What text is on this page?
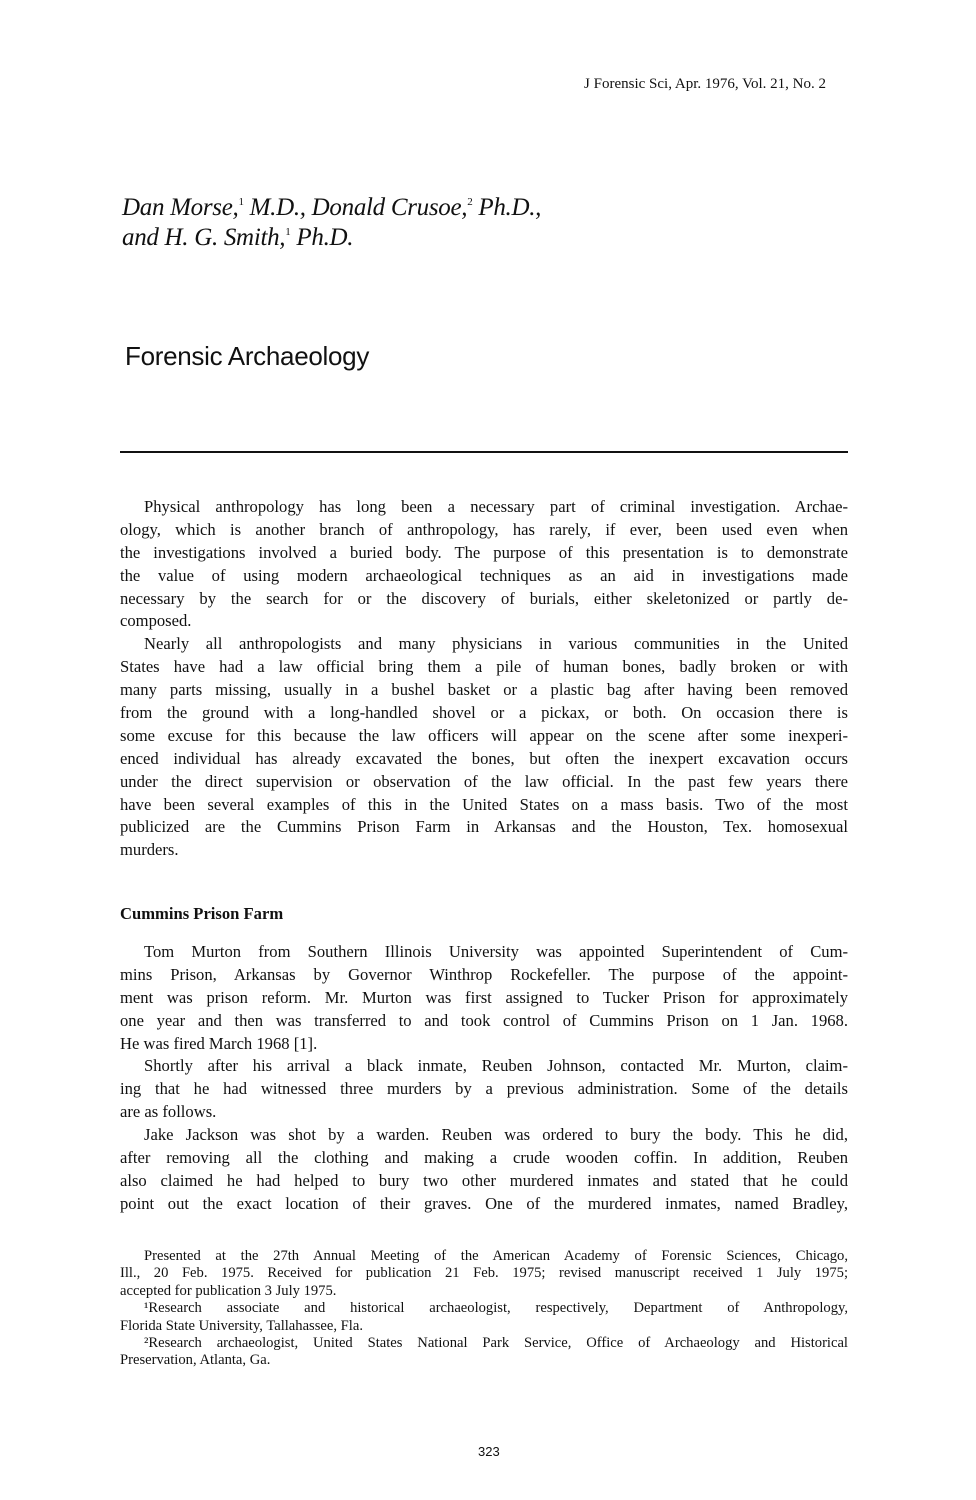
J Forensic Sci, Apr. 1976, Vol. 21, No. 2
Dan Morse,$^1$ M.D., Donald Crusoe,$^2$ Ph.D.,
and H. G. Smith,$^1$ Ph.D.
Forensic Archaeology
Physical anthropology has long been a necessary part of criminal investigation. Archae-
ology, which is another branch of anthropology, has rarely, if ever, been used even when
the investigations involved a buried body. The purpose of this presentation is to demonstrate
the value of using modern archaeological techniques as an aid in investigations made
necessary by the search for or the discovery of burials, either skeletonized or partly de-
composed.
Nearly all anthropologists and many physicians in various communities in the United
States have had a law official bring them a pile of human bones, badly broken or with
many parts missing, usually in a bushel basket or a plastic bag after having been removed
from the ground with a long-handled shovel or a pickax, or both. On occasion there is
some excuse for this because the law officers will appear on the scene after some inexperi-
enced individual has already excavated the bones, but often the inexpert excavation occurs
under the direct supervision or observation of the law official. In the past few years there
have been several examples of this in the United States on a mass basis. Two of the most
publicized are the Cummins Prison Farm in Arkansas and the Houston, Tex. homosexual
murders.
Cummins Prison Farm
Tom Murton from Southern Illinois University was appointed Superintendent of Cum-
mins Prison, Arkansas by Governor Winthrop Rockefeller. The purpose of the appoint-
ment was prison reform. Mr. Murton was first assigned to Tucker Prison for approximately
one year and then was transferred to and took control of Cummins Prison on 1 Jan. 1968.
He was fired March 1968 [1].
Shortly after his arrival a black inmate, Reuben Johnson, contacted Mr. Murton, claim-
ing that he had witnessed three murders by a previous administration. Some of the details
are as follows.
Jake Jackson was shot by a warden. Reuben was ordered to bury the body. This he did,
after removing all the clothing and making a crude wooden coffin. In addition, Reuben
also claimed he had helped to bury two other murdered inmates and stated that he could
point out the exact location of their graves. One of the murdered inmates, named Bradley,
Presented at the 27th Annual Meeting of the American Academy of Forensic Sciences, Chicago,
Ill., 20 Feb. 1975. Received for publication 21 Feb. 1975; revised manuscript received 1 July 1975;
accepted for publication 3 July 1975.
¹Research associate and historical archaeologist, respectively, Department of Anthropology,
Florida State University, Tallahassee, Fla.
²Research archaeologist, United States National Park Service, Office of Archaeology and Historical
Preservation, Atlanta, Ga.
323
